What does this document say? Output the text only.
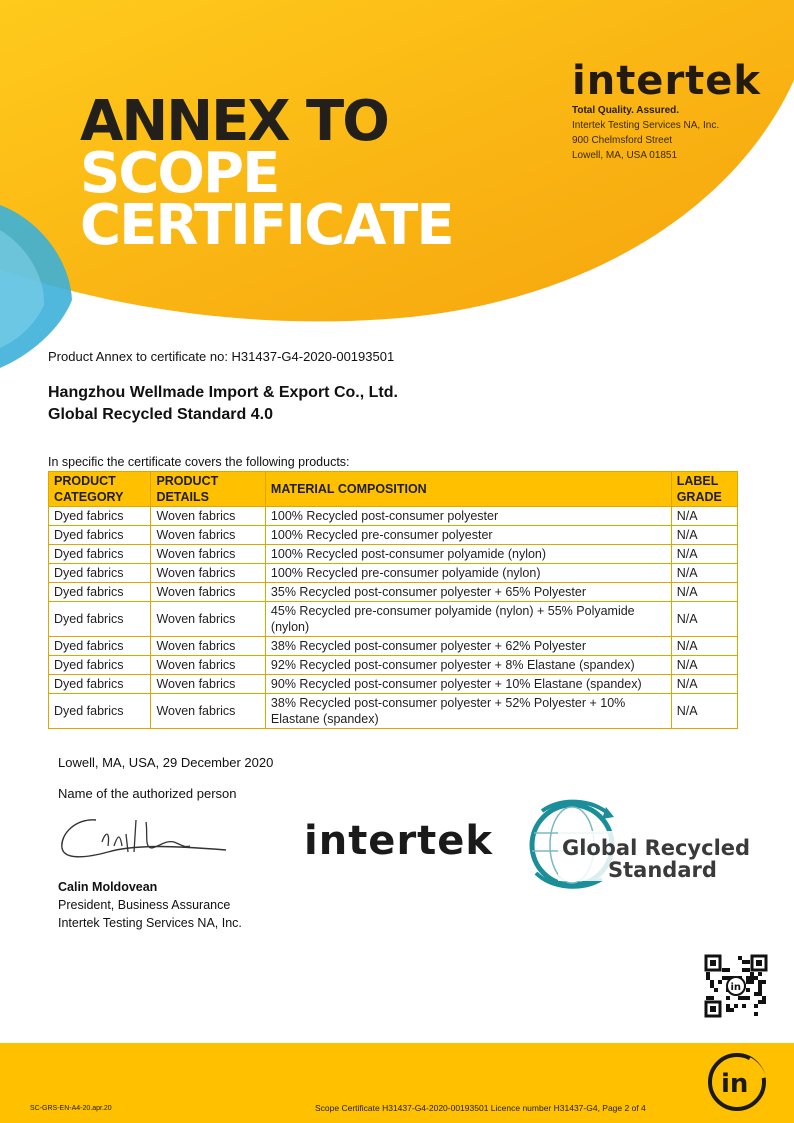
intertek
Total Quality. Assured.
Intertek Testing Services NA, Inc.
900 Chelmsford Street
Lowell, MA, USA 01851
ANNEX TO
SCOPE
CERTIFICATE
Product Annex to certificate no: H31437-G4-2020-00193501
Hangzhou Wellmade Import & Export Co., Ltd.
Global Recycled Standard 4.0
In specific the certificate covers the following products:
PRODUCT CATEGORY	PRODUCT DETAILS	MATERIAL COMPOSITION	LABEL GRADE
Dyed fabrics	Woven fabrics	100% Recycled post-consumer polyester	N/A
Dyed fabrics	Woven fabrics	100% Recycled pre-consumer polyester	N/A
Dyed fabrics	Woven fabrics	100% Recycled post-consumer polyamide (nylon)	N/A
Dyed fabrics	Woven fabrics	100% Recycled pre-consumer polyamide (nylon)	N/A
Dyed fabrics	Woven fabrics	35% Recycled post-consumer polyester + 65% Polyester	N/A
Dyed fabrics	Woven fabrics	45% Recycled pre-consumer polyamide (nylon) + 55% Polyamide (nylon)	N/A
Dyed fabrics	Woven fabrics	38% Recycled post-consumer polyester + 62% Polyester	N/A
Dyed fabrics	Woven fabrics	92% Recycled post-consumer polyester + 8% Elastane (spandex)	N/A
Dyed fabrics	Woven fabrics	90% Recycled post-consumer polyester + 10% Elastane (spandex)	N/A
Dyed fabrics	Woven fabrics	38% Recycled post-consumer polyester + 52% Polyester + 10% Elastane (spandex)	N/A
Lowell, MA, USA, 29 December 2020
Name of the authorized person
Calin Moldovean
President, Business Assurance
Intertek Testing Services NA, Inc.
intertek	Global Recycled
Standard
in
SC-GRS-EN-A4-20.apr.20	Scope Certificate H31437-G4-2020-00193501 Licence number H31437-G4, Page 2 of 4
in
